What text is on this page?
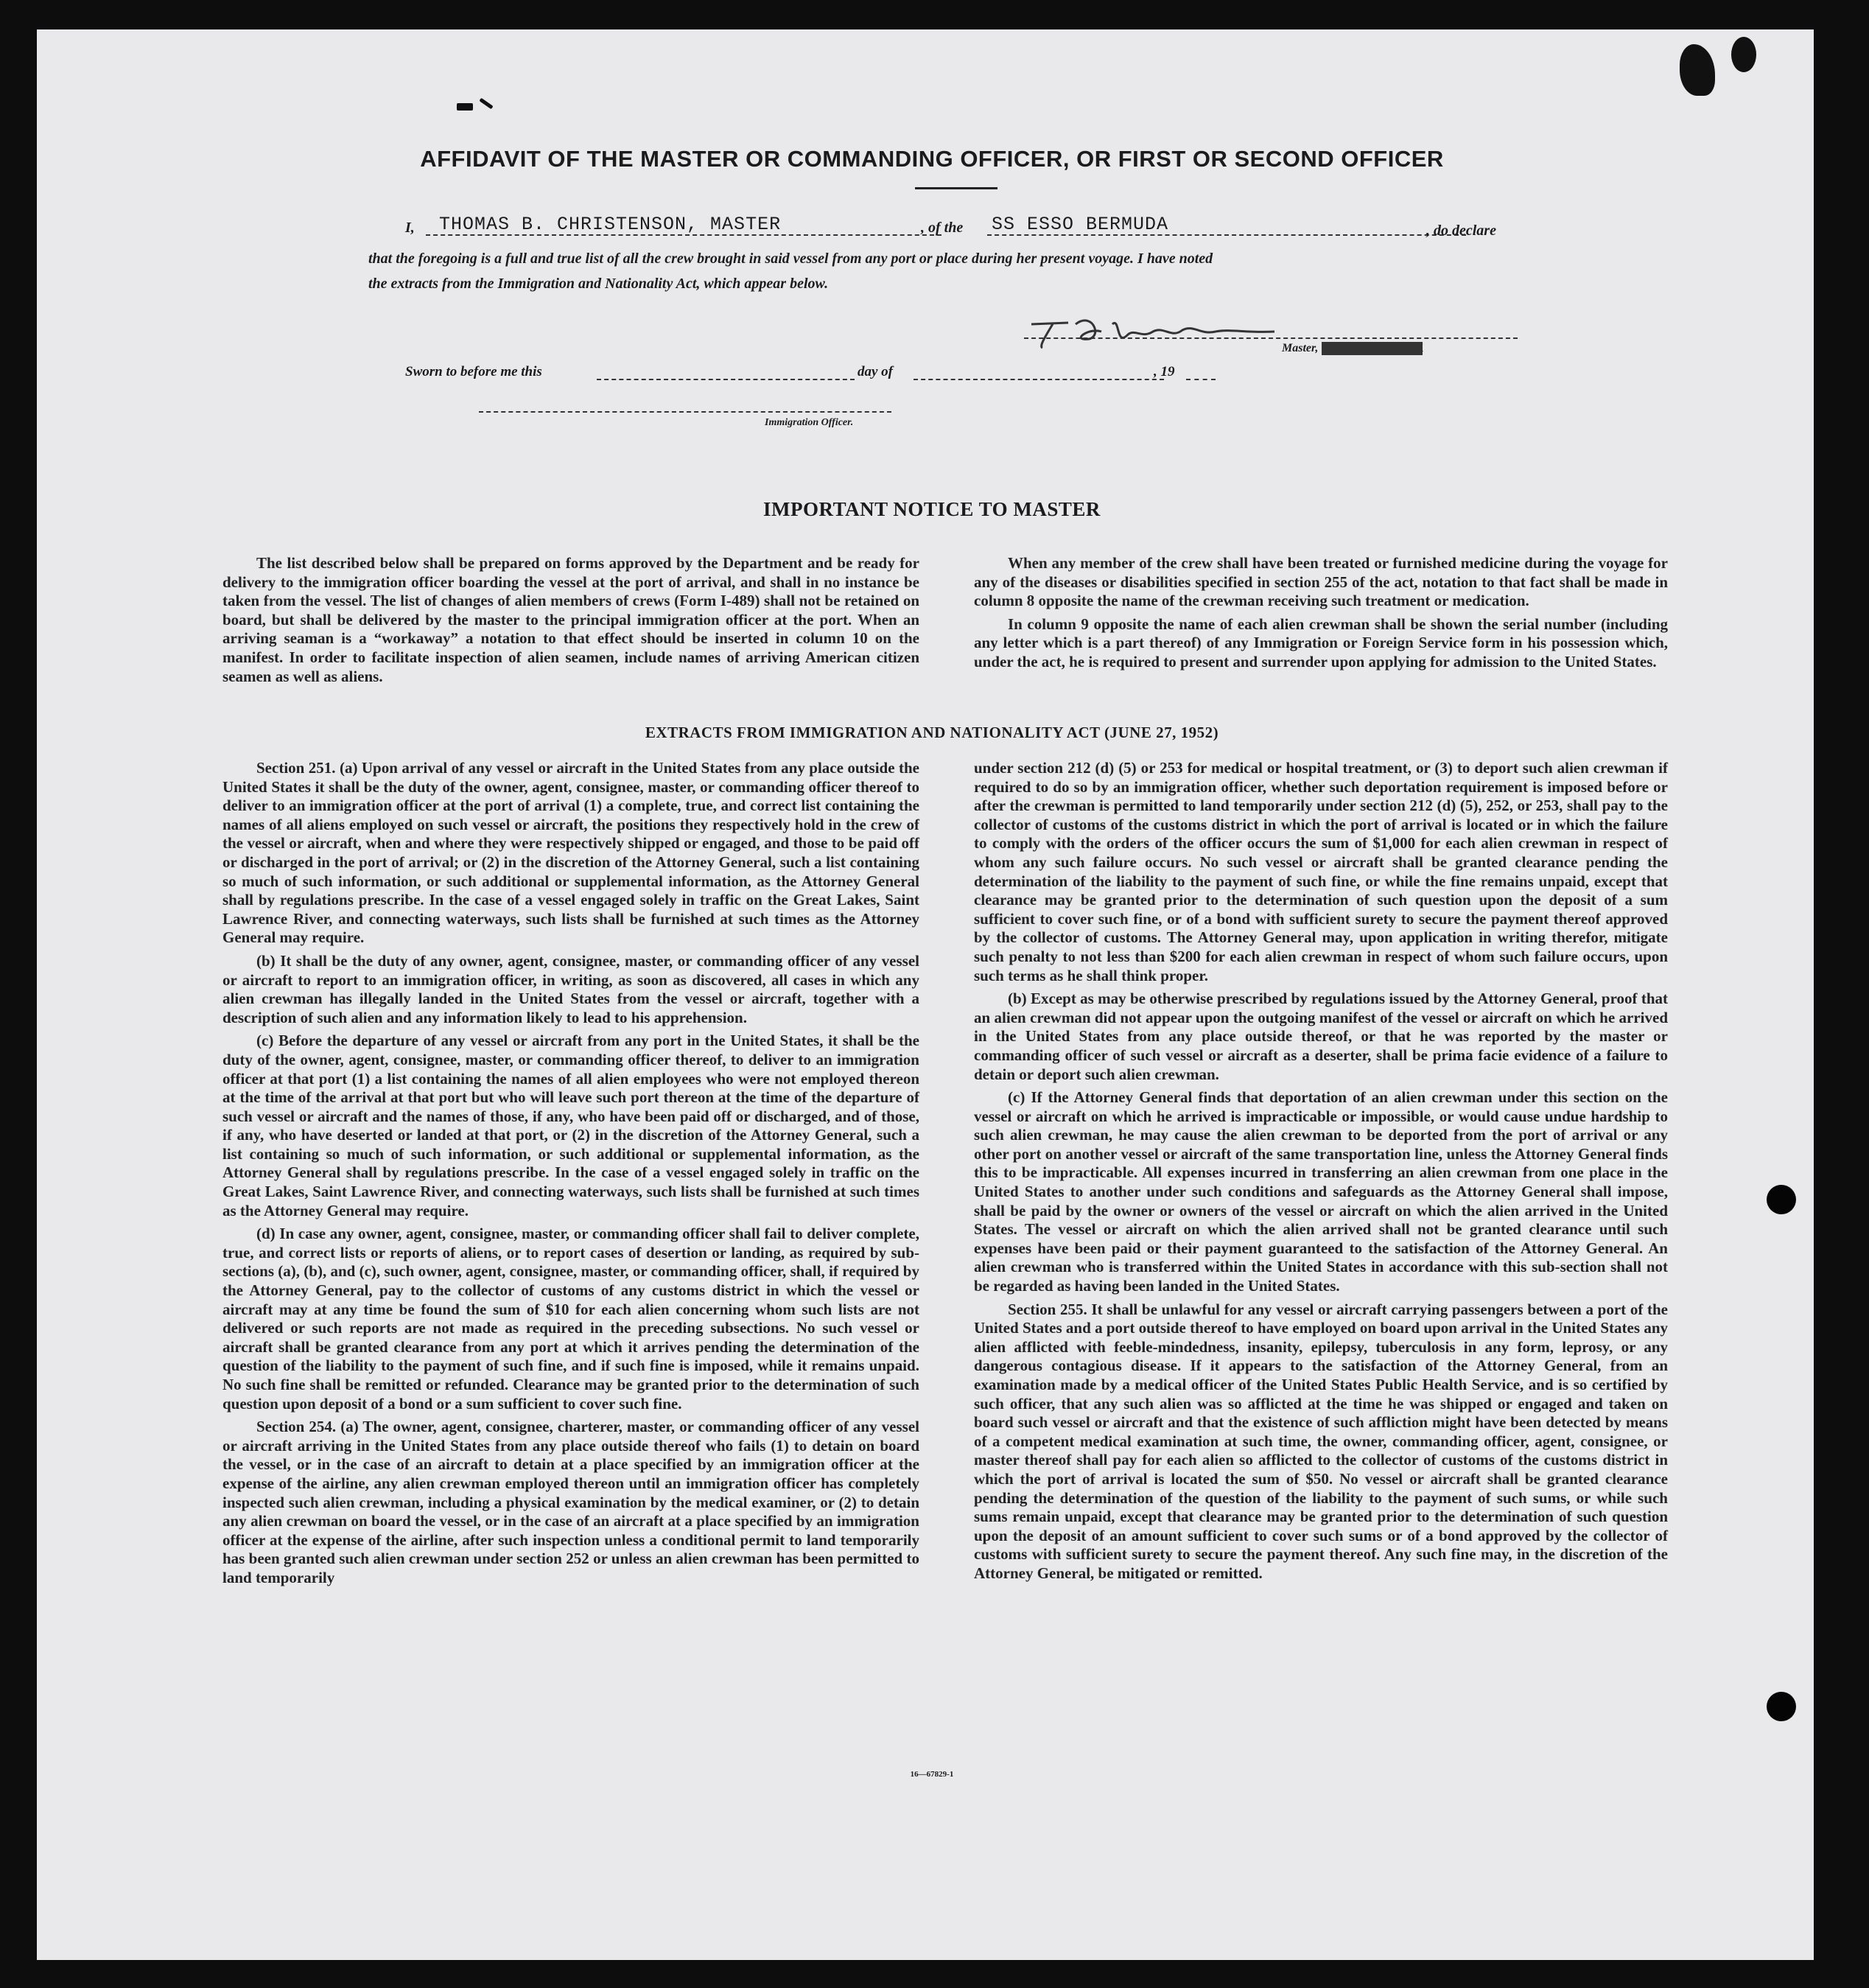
AFFIDAVIT OF THE MASTER OR COMMANDING OFFICER, OR FIRST OR SECOND OFFICER
I, THOMAS B. CHRISTENSON, MASTER	, of the SS ESSO BERMUDA	, do declare
that the foregoing is a full and true list of all the crew brought in said vessel from any port or place during her present voyage. I have noted
the extracts from the Immigration and Nationality Act, which appear below.
Master, XXXXXXXXXXXXX
Sworn to before me this	day of	, 19
Immigration Officer.
IMPORTANT NOTICE TO MASTER

The list described below shall be prepared on forms approved by the Department and be ready for delivery to the immigration officer boarding the vessel at the port of arrival, and shall in no instance be taken from the vessel. The list of changes of alien members of crews (Form I-489) shall not be retained on board, but shall be delivered by the master to the principal immigration officer at the port. When an arriving seaman is a “workaway” a notation to that effect should be inserted in column 10 on the manifest. In order to facilitate inspection of alien seamen, include names of arriving American citizen seamen as well as aliens.

When any member of the crew shall have been treated or furnished medicine during the voyage for any of the diseases or disabilities specified in section 255 of the act, notation to that fact shall be made in column 8 opposite the name of the crewman receiving such treatment or medication.

In column 9 opposite the name of each alien crewman shall be shown the serial number (including any letter which is a part thereof) of any Immigration or Foreign Service form in his possession which, under the act, he is required to present and surrender upon applying for admission to the United States.

EXTRACTS FROM IMMIGRATION AND NATIONALITY ACT (JUNE 27, 1952)

Section 251. (a) Upon arrival of any vessel or aircraft in the United States from any place outside the United States it shall be the duty of the owner, agent, consignee, master, or commanding officer thereof to deliver to an immigration officer at the port of arrival (1) a complete, true, and correct list containing the names of all aliens employed on such vessel or aircraft, the positions they respectively hold in the crew of the vessel or aircraft, when and where they were respectively shipped or engaged, and those to be paid off or discharged in the port of arrival; or (2) in the discretion of the Attorney General, such a list containing so much of such information, or such additional or supplemental information, as the Attorney General shall by regulations prescribe. In the case of a vessel engaged solely in traffic on the Great Lakes, Saint Lawrence River, and connecting waterways, such lists shall be furnished at such times as the Attorney General may require.

(b) It shall be the duty of any owner, agent, consignee, master, or commanding officer of any vessel or aircraft to report to an immigration officer, in writing, as soon as discovered, all cases in which any alien crewman has illegally landed in the United States from the vessel or aircraft, together with a description of such alien and any information likely to lead to his apprehension.

(c) Before the departure of any vessel or aircraft from any port in the United States, it shall be the duty of the owner, agent, consignee, master, or commanding officer thereof, to deliver to an immigration officer at that port (1) a list containing the names of all alien employees who were not employed thereon at the time of the arrival at that port but who will leave such port thereon at the time of the departure of such vessel or aircraft and the names of those, if any, who have been paid off or discharged, and of those, if any, who have deserted or landed at that port, or (2) in the discretion of the Attorney General, such a list containing so much of such information, or such additional or supplemental information, as the Attorney General shall by regulations prescribe. In the case of a vessel engaged solely in traffic on the Great Lakes, Saint Lawrence River, and connecting waterways, such lists shall be furnished at such times as the Attorney General may require.

(d) In case any owner, agent, consignee, master, or commanding officer shall fail to deliver complete, true, and correct lists or reports of aliens, or to report cases of desertion or landing, as required by sub-sections (a), (b), and (c), such owner, agent, consignee, master, or commanding officer, shall, if required by the Attorney General, pay to the collector of customs of any customs district in which the vessel or aircraft may at any time be found the sum of $10 for each alien concerning whom such lists are not delivered or such reports are not made as required in the preceding subsections. No such vessel or aircraft shall be granted clearance from any port at which it arrives pending the determination of the question of the liability to the payment of such fine, and if such fine is imposed, while it remains unpaid. No such fine shall be remitted or refunded. Clearance may be granted prior to the determination of such question upon deposit of a bond or a sum sufficient to cover such fine.

Section 254. (a) The owner, agent, consignee, charterer, master, or commanding officer of any vessel or aircraft arriving in the United States from any place outside thereof who fails (1) to detain on board the vessel, or in the case of an aircraft to detain at a place specified by an immigration officer at the expense of the airline, any alien crewman employed thereon until an immigration officer has completely inspected such alien crewman, including a physical examination by the medical examiner, or (2) to detain any alien crewman on board the vessel, or in the case of an aircraft at a place specified by an immigration officer at the expense of the airline, after such inspection unless a conditional permit to land temporarily has been granted such alien crewman under section 252 or unless an alien crewman has been permitted to land temporarily

under section 212 (d) (5) or 253 for medical or hospital treatment, or (3) to deport such alien crewman if required to do so by an immigration officer, whether such deportation requirement is imposed before or after the crewman is permitted to land temporarily under section 212 (d) (5), 252, or 253, shall pay to the collector of customs of the customs district in which the port of arrival is located or in which the failure to comply with the orders of the officer occurs the sum of $1,000 for each alien crewman in respect of whom any such failure occurs. No such vessel or aircraft shall be granted clearance pending the determination of the liability to the payment of such fine, or while the fine remains unpaid, except that clearance may be granted prior to the determination of such question upon the deposit of a sum sufficient to cover such fine, or of a bond with sufficient surety to secure the payment thereof approved by the collector of customs. The Attorney General may, upon application in writing therefor, mitigate such penalty to not less than $200 for each alien crewman in respect of whom such failure occurs, upon such terms as he shall think proper.

(b) Except as may be otherwise prescribed by regulations issued by the Attorney General, proof that an alien crewman did not appear upon the outgoing manifest of the vessel or aircraft on which he arrived in the United States from any place outside thereof, or that he was reported by the master or commanding officer of such vessel or aircraft as a deserter, shall be prima facie evidence of a failure to detain or deport such alien crewman.

(c) If the Attorney General finds that deportation of an alien crewman under this section on the vessel or aircraft on which he arrived is impracticable or impossible, or would cause undue hardship to such alien crewman, he may cause the alien crewman to be deported from the port of arrival or any other port on another vessel or aircraft of the same transportation line, unless the Attorney General finds this to be impracticable. All expenses incurred in transferring an alien crewman from one place in the United States to another under such conditions and safeguards as the Attorney General shall impose, shall be paid by the owner or owners of the vessel or aircraft on which the alien arrived in the United States. The vessel or aircraft on which the alien arrived shall not be granted clearance until such expenses have been paid or their payment guaranteed to the satisfaction of the Attorney General. An alien crewman who is transferred within the United States in accordance with this sub-section shall not be regarded as having been landed in the United States.

Section 255. It shall be unlawful for any vessel or aircraft carrying passengers between a port of the United States and a port outside thereof to have employed on board upon arrival in the United States any alien afflicted with feeble-mindedness, insanity, epilepsy, tuberculosis in any form, leprosy, or any dangerous contagious disease. If it appears to the satisfaction of the Attorney General, from an examination made by a medical officer of the United States Public Health Service, and is so certified by such officer, that any such alien was so afflicted at the time he was shipped or engaged and taken on board such vessel or aircraft and that the existence of such affliction might have been detected by means of a competent medical examination at such time, the owner, commanding officer, agent, consignee, or master thereof shall pay for each alien so afflicted to the collector of customs of the customs district in which the port of arrival is located the sum of $50. No vessel or aircraft shall be granted clearance pending the determination of the question of the liability to the payment of such sums, or while such sums remain unpaid, except that clearance may be granted prior to the determination of such question upon the deposit of an amount sufficient to cover such sums or of a bond approved by the collector of customs with sufficient surety to secure the payment thereof. Any such fine may, in the discretion of the Attorney General, be mitigated or remitted.

16—67829-1
